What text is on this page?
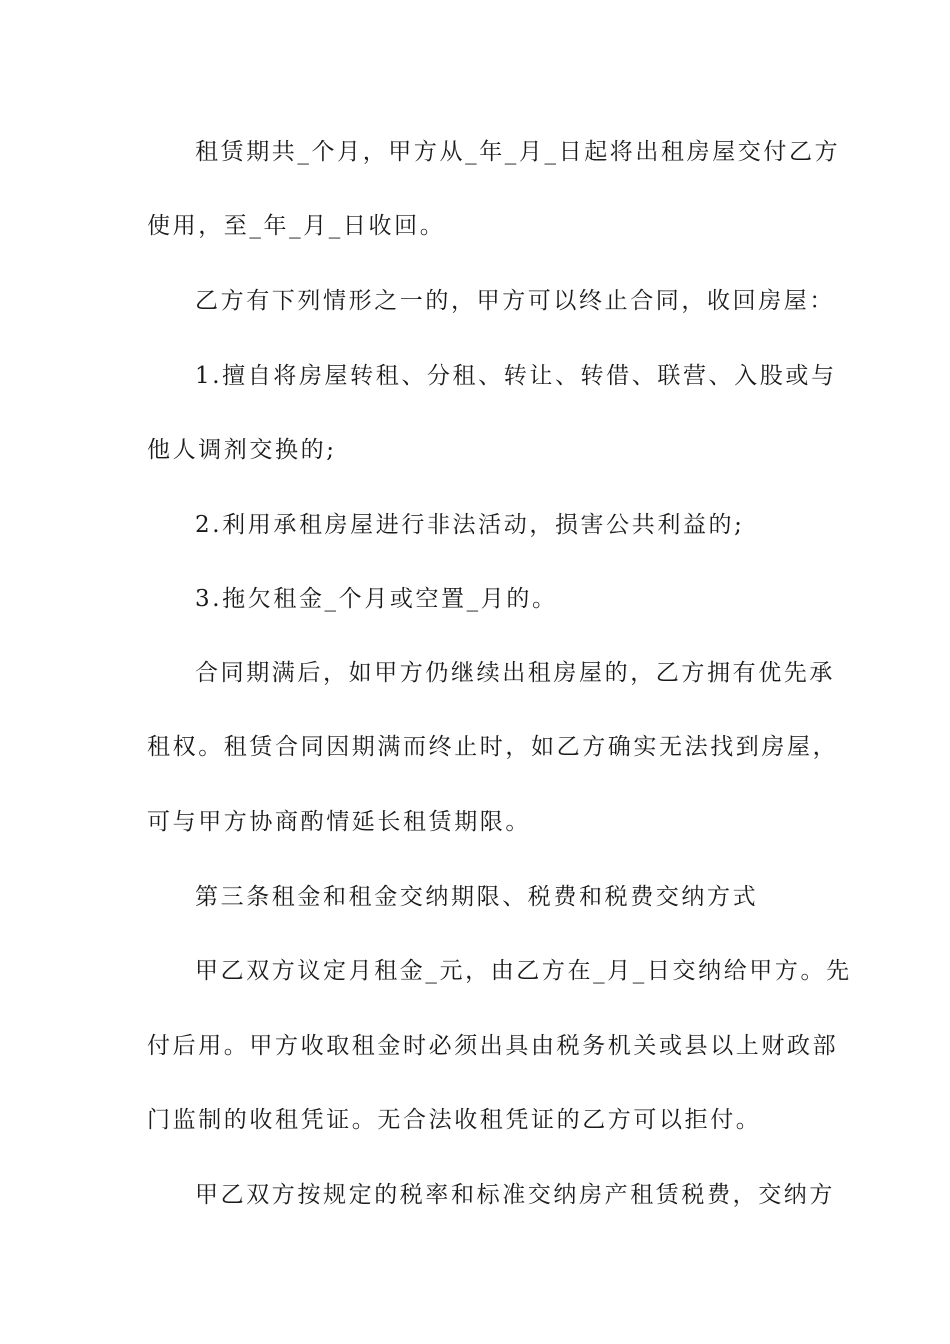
租赁期共_个月，甲方从_年_月_日起将出租房屋交付乙方

使用，至_年_月_日收回。

乙方有下列情形之一的，甲方可以终止合同，收回房屋：

1.擅自将房屋转租、分租、转让、转借、联营、入股或与

他人调剂交换的;

2.利用承租房屋进行非法活动，损害公共利益的;

3.拖欠租金_个月或空置_月的。

合同期满后，如甲方仍继续出租房屋的，乙方拥有优先承

租权。租赁合同因期满而终止时，如乙方确实无法找到房屋，

可与甲方协商酌情延长租赁期限。

第三条租金和租金交纳期限、税费和税费交纳方式

甲乙双方议定月租金_元，由乙方在_月_日交纳给甲方。先

付后用。甲方收取租金时必须出具由税务机关或县以上财政部

门监制的收租凭证。无合法收租凭证的乙方可以拒付。

甲乙双方按规定的税率和标准交纳房产租赁税费，交纳方
